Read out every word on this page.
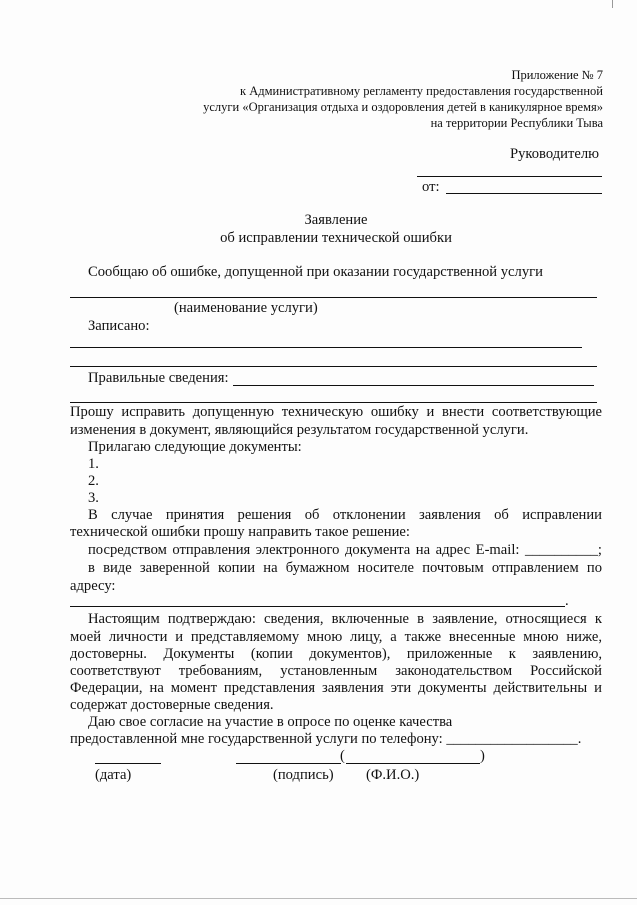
Приложение № 7
к Административному регламенту предоставления государственной
услуги «Организация отдыха и оздоровления детей в каникулярное время»
на территории Республики Тыва
Руководителю
от:
Заявление
об исправлении технической ошибки
Сообщаю об ошибке, допущенной при оказании государственной услуги
(наименование услуги)
Записано:
Правильные сведения:
Прошу исправить допущенную техническую ошибку и внести соответствующие
изменения в документ, являющийся результатом государственной услуги.
Прилагаю следующие документы:
1.
2.
3.
В случае принятия решения об отклонении заявления об исправлении
технической ошибки прошу направить такое решение:
посредством отправления электронного документа на адрес E-mail: __________;
в виде заверенной копии на бумажном носителе почтовым отправлением по
адресу:
.
Настоящим подтверждаю: сведения, включенные в заявление, относящиеся к
моей личности и представляемому мною лицу, а также внесенные мною ниже,
достоверны. Документы (копии документов), приложенные к заявлению,
соответствуют требованиям, установленным законодательством Российской
Федерации, на момент представления заявления эти документы действительны и
содержат достоверные сведения.
Даю свое согласие на участие в опросе по оценке качества
предоставленной мне государственной услуги по телефону: __________________.
(	)
(дата)	(подпись) (Ф.И.О.)
